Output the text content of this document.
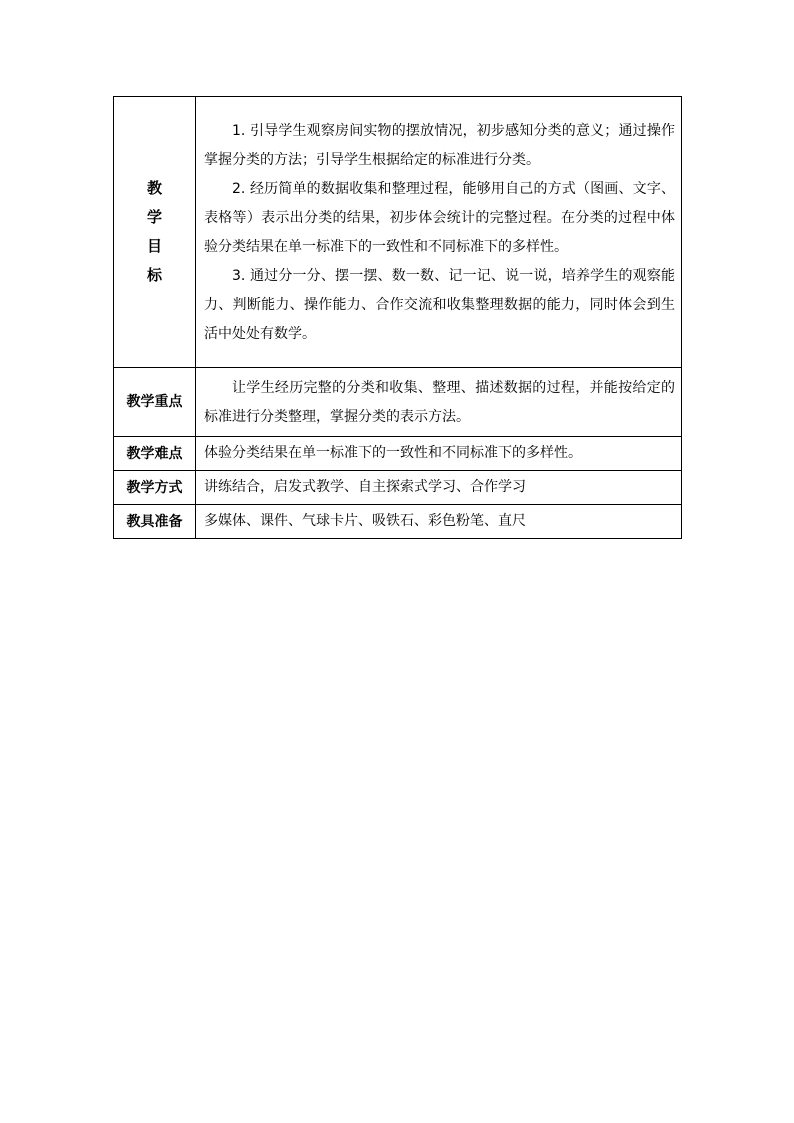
教学目标	1. 引导学生观察房间实物的摆放情况，初步感知分类的意义；通过操作掌握分类的方法；引导学生根据给定的标准进行分类。

2. 经历简单的数据收集和整理过程，能够用自己的方式（图画、文字、表格等）表示出分类的结果，初步体会统计的完整过程。在分类的过程中体验分类结果在单一标准下的一致性和不同标准下的多样性。

3. 通过分一分、摆一摆、数一数、记一记、说一说，培养学生的观察能力、判断能力、操作能力、合作交流和收集整理数据的能力，同时体会到生活中处处有数学。

教学重点	让学生经历完整的分类和收集、整理、描述数据的过程，并能按给定的标准进行分类整理，掌握分类的表示方法。

教学难点	体验分类结果在单一标准下的一致性和不同标准下的多样性。
教学方式	讲练结合，启发式教学、自主探索式学习、合作学习
教具准备	多媒体、课件、气球卡片、吸铁石、彩色粉笔、直尺
